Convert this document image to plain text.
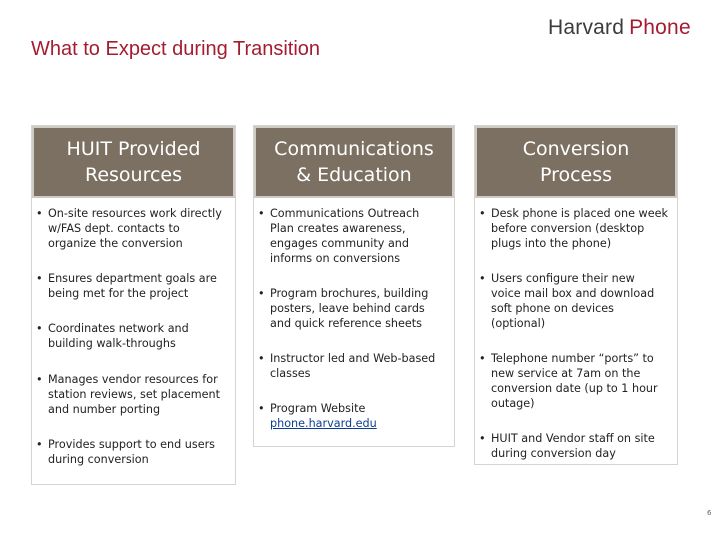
Harvard Phone
What to Expect during Transition
HUIT Provided
Resources
• On-site resources work directly
w/FAS dept. contacts to
organize the conversion
• Ensures department goals are
being met for the project
• Coordinates network and
building walk-throughs
• Manages vendor resources for
station reviews, set placement
and number porting
• Provides support to end users
during conversion
Communications
& Education
• Communications Outreach
Plan creates awareness,
engages community and
informs on conversions
• Program brochures, building
posters, leave behind cards
and quick reference sheets
• Instructor led and Web-based
classes
• Program Website
phone.harvard.edu
Conversion
Process
• Desk phone is placed one week
before conversion (desktop
plugs into the phone)
• Users configure their new
voice mail box and download
soft phone on devices
(optional)
• Telephone number “ports” to
new service at 7am on the
conversion date (up to 1 hour
outage)
• HUIT and Vendor staff on site
during conversion day
6
